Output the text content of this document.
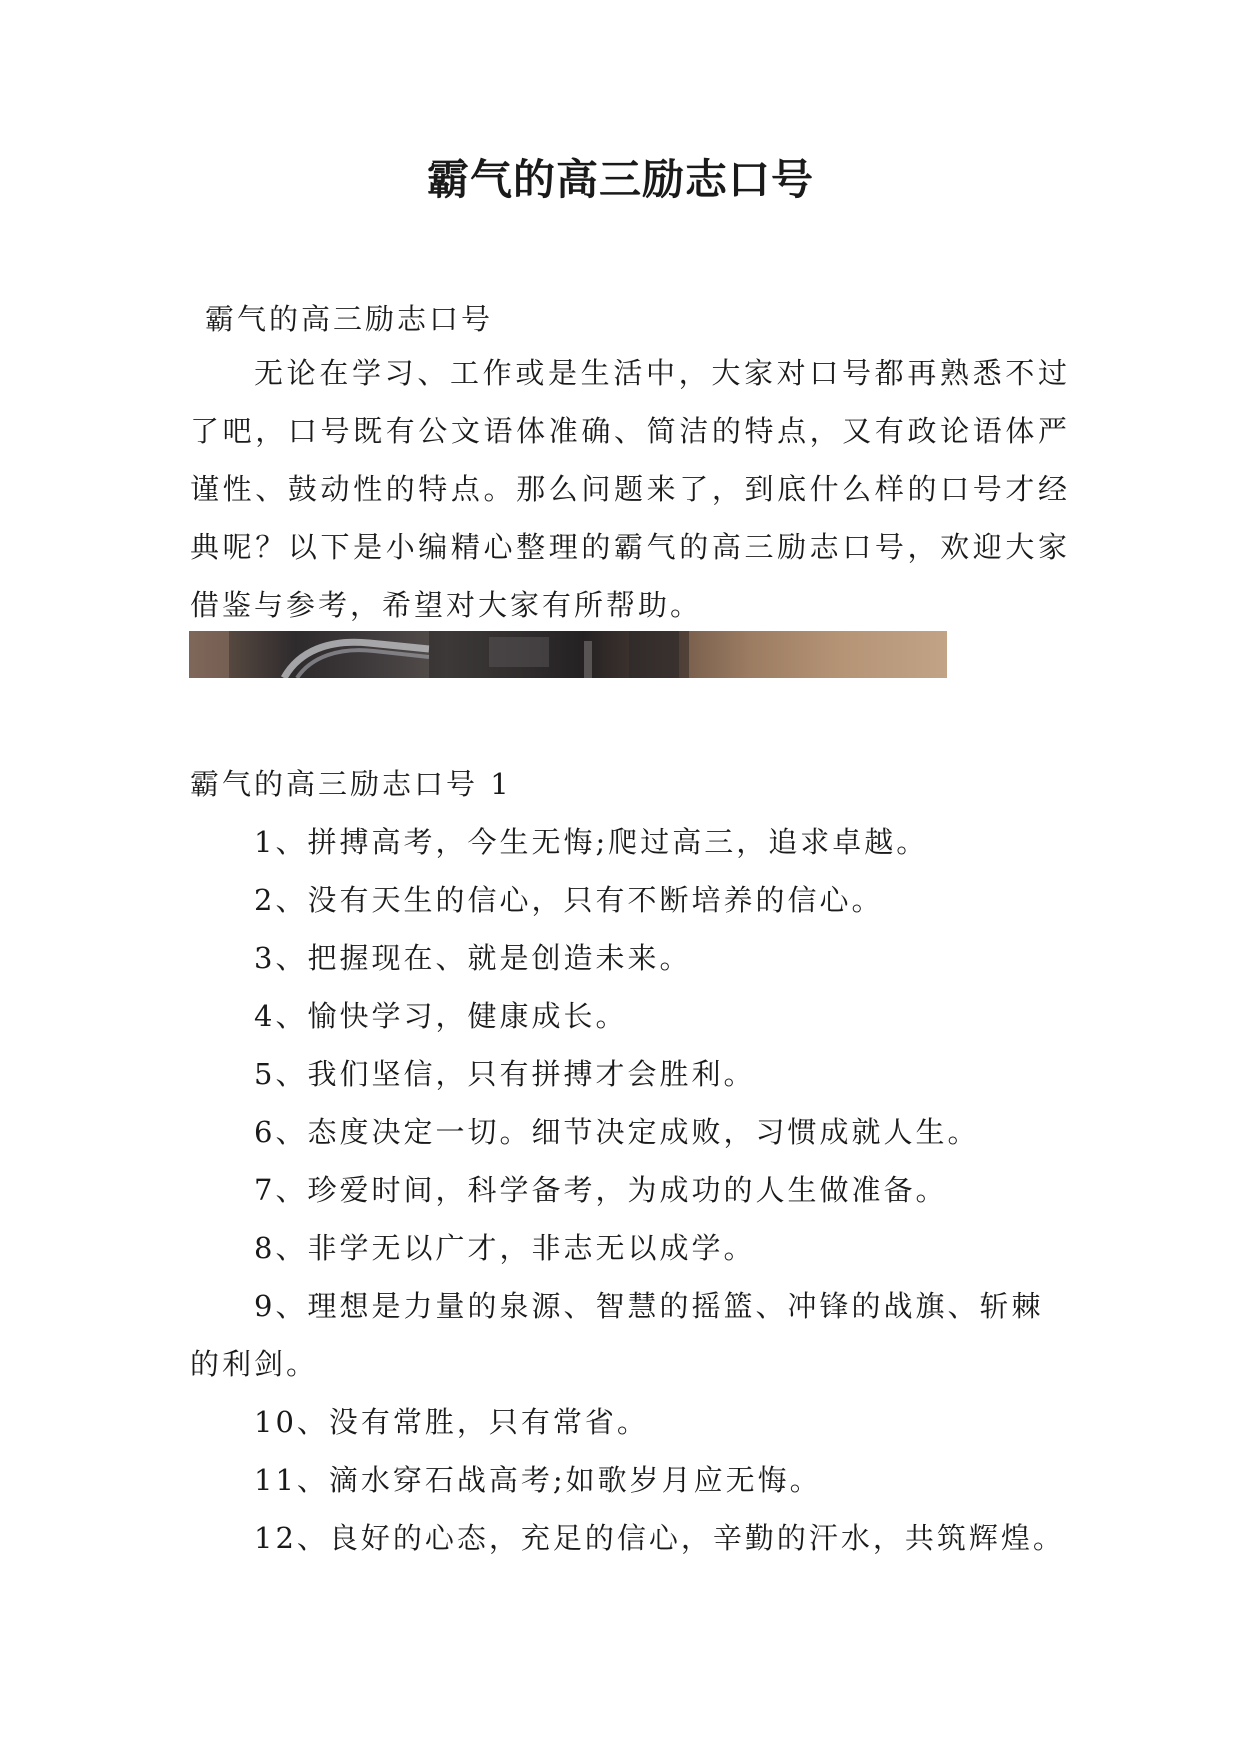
霸气的高三励志口号

霸气的高三励志口号

无论在学习、工作或是生活中，大家对口号都再熟悉不过了吧，口号既有公文语体准确、简洁的特点，又有政论语体严谨性、鼓动性的特点。那么问题来了，到底什么样的口号才经典呢？以下是小编精心整理的霸气的高三励志口号，欢迎大家借鉴与参考，希望对大家有所帮助。

霸气的高三励志口号 1

1、拼搏高考，今生无悔;爬过高三，追求卓越。
2、没有天生的信心，只有不断培养的信心。
3、把握现在、就是创造未来。
4、愉快学习，健康成长。
5、我们坚信，只有拼搏才会胜利。
6、态度决定一切。细节决定成败，习惯成就人生。
7、珍爱时间，科学备考，为成功的人生做准备。
8、非学无以广才，非志无以成学。
9、理想是力量的泉源、智慧的摇篮、冲锋的战旗、斩棘的利剑。
10、没有常胜，只有常省。
11、滴水穿石战高考;如歌岁月应无悔。
12、良好的心态，充足的信心，辛勤的汗水，共筑辉煌。
